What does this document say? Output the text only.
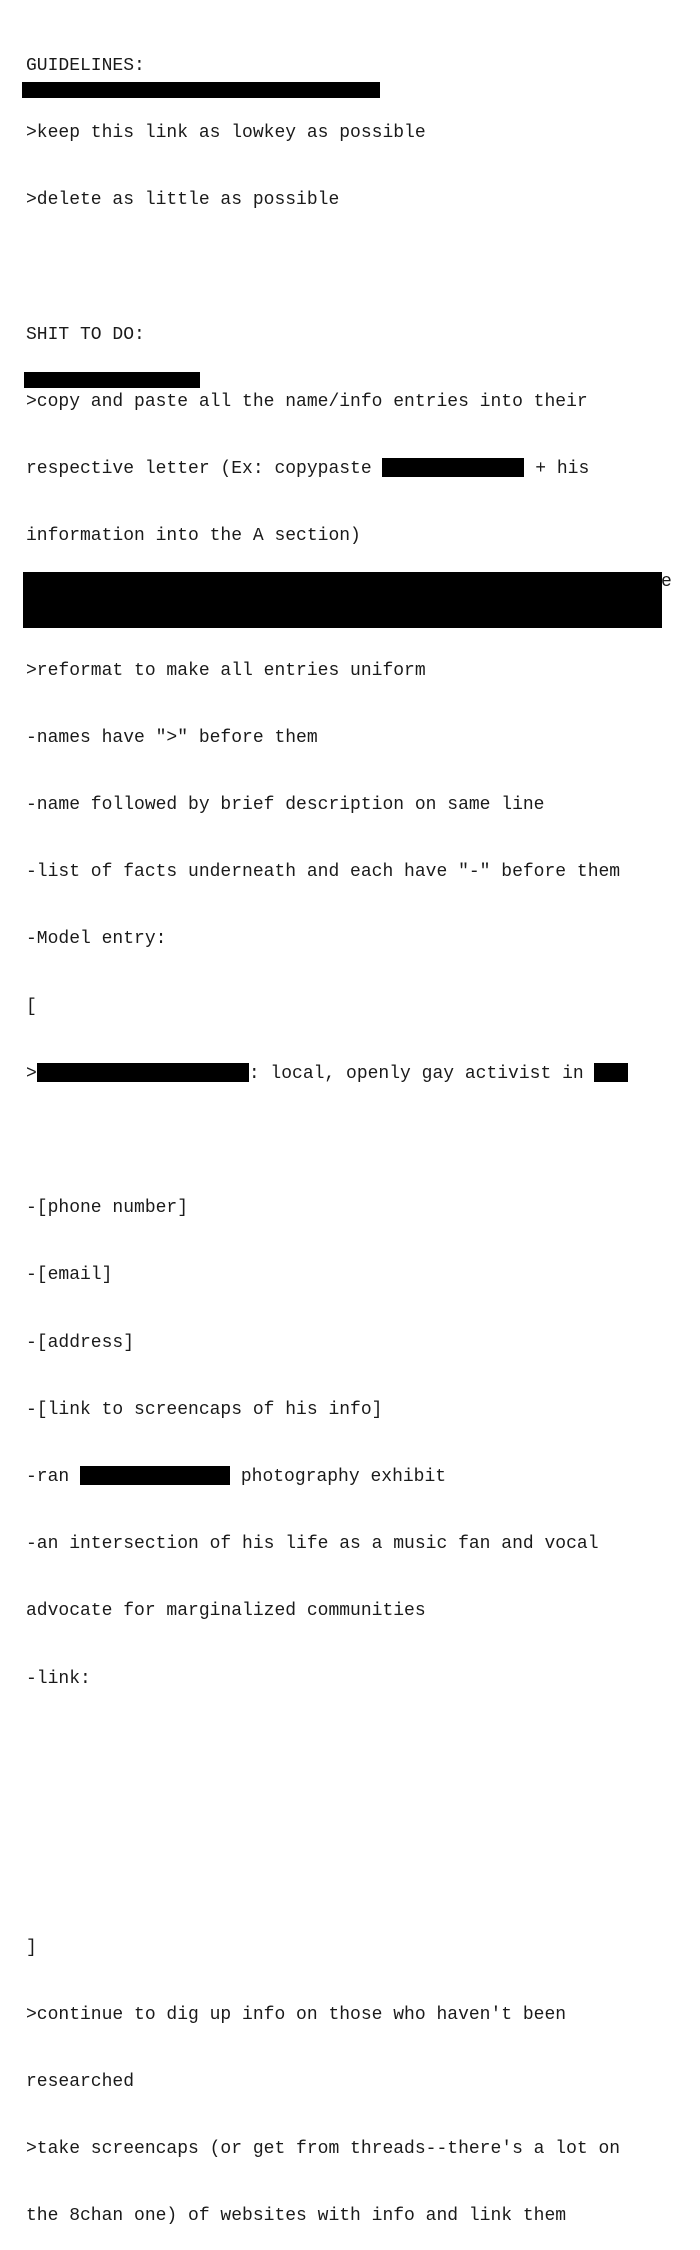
GUIDELINES:

>keep this link as lowkey as possible

>delete as little as possible

SHIT TO DO:

>copy and paste all the name/info entries into their

respective letter (Ex: copypaste	+ his

information into the A section)

>reformat to make all entries uniform

-names have ">" before them

-name followed by brief description on same line

-list of facts underneath and each have "-" before them

-Model entry:

[

>	: local, openly gay activist in

-[phone number]

-[email]

-[address]

-[link to screencaps of his info]

-ran	photography exhibit

-an intersection of his life as a music fan and vocal

advocate for marginalized communities

-link:

]

>continue to dig up info on those who haven't been

researched

>take screencaps (or get from threads--there's a lot on

the 8chan one) of websites with info and link them

e
